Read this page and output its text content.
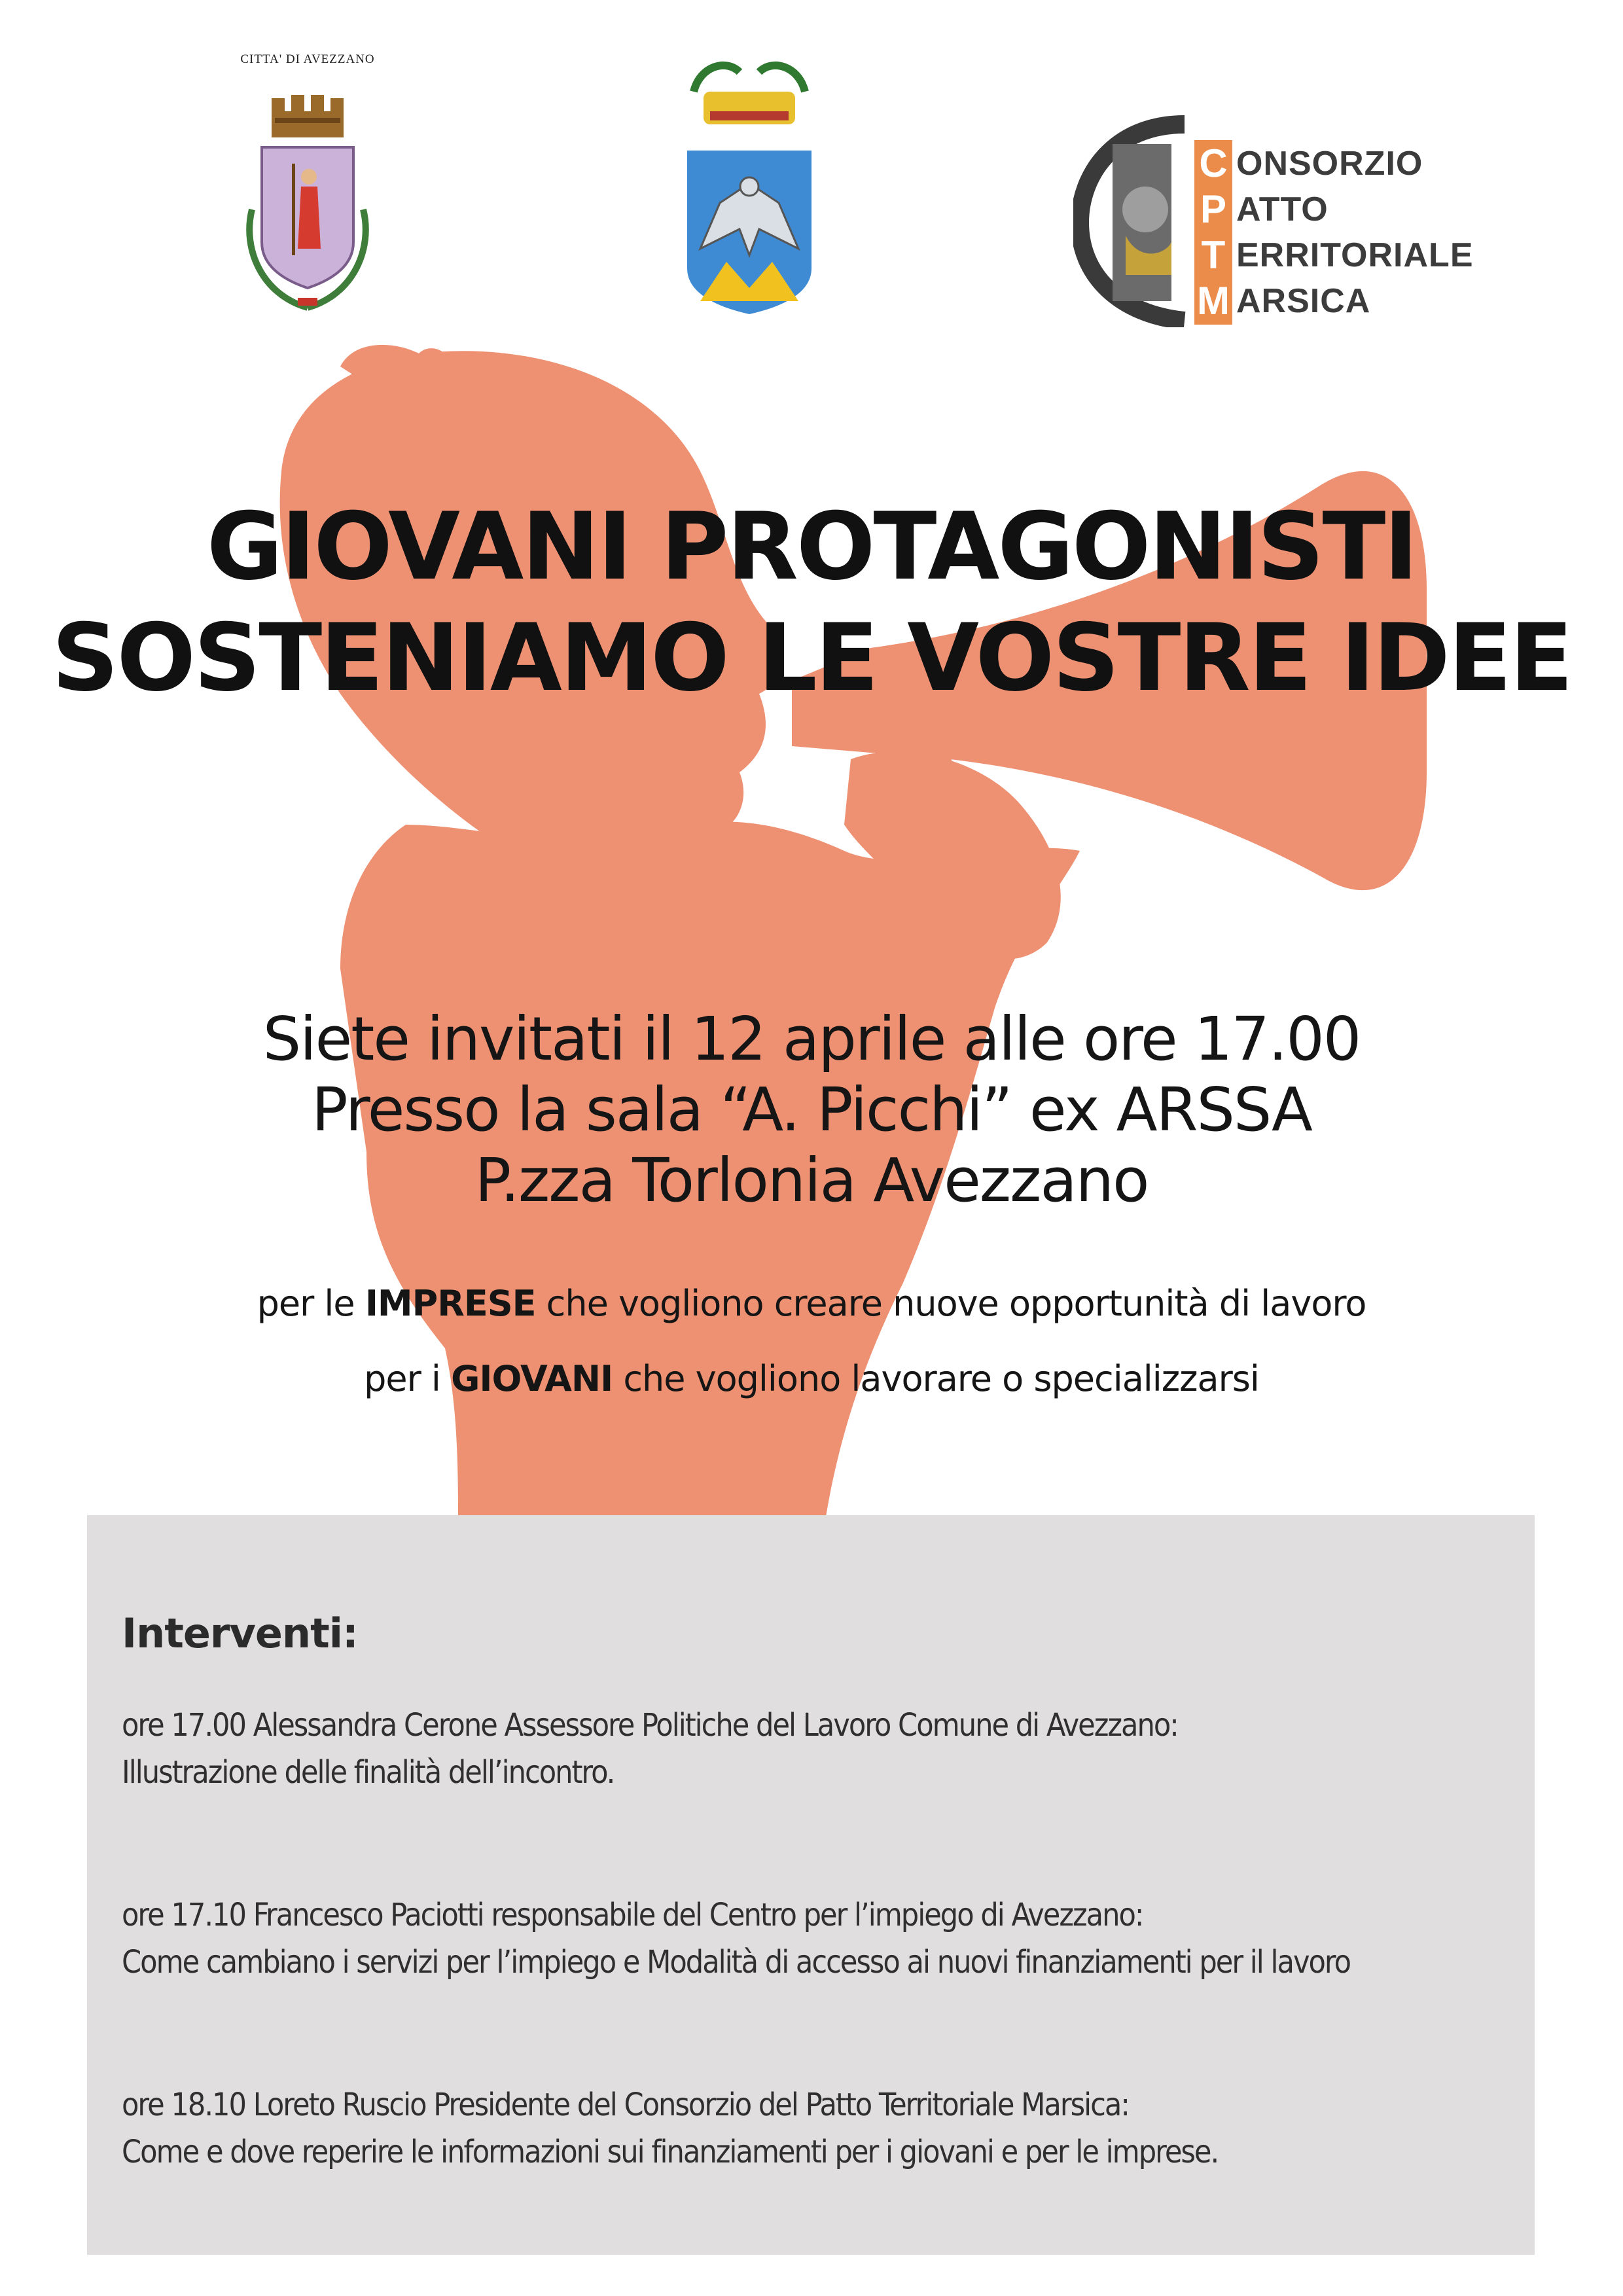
CITTA' DI AVEZZANO
C ONSORZIO
P ATTO
T ERRITORIALE
M ARSICA
GIOVANI PROTAGONISTI
SOSTENIAMO LE VOSTRE IDEE
Siete invitati il 12 aprile alle ore 17.00
Presso la sala “A. Picchi” ex ARSSA
P.zza Torlonia Avezzano
per le IMPRESE che vogliono creare nuove opportunità di lavoro
per i GIOVANI che vogliono lavorare o specializzarsi
Interventi:
ore 17.00 Alessandra Cerone Assessore Politiche del Lavoro Comune di Avezzano:
Illustrazione delle finalità dell’incontro.
ore 17.10 Francesco Paciotti responsabile del Centro per l’impiego di Avezzano:
Come cambiano i servizi per l’impiego e Modalità di accesso ai nuovi finanziamenti per il lavoro
ore 18.10 Loreto Ruscio Presidente del Consorzio del Patto Territoriale Marsica:
Come e dove reperire le informazioni sui finanziamenti per i giovani e per le imprese.
